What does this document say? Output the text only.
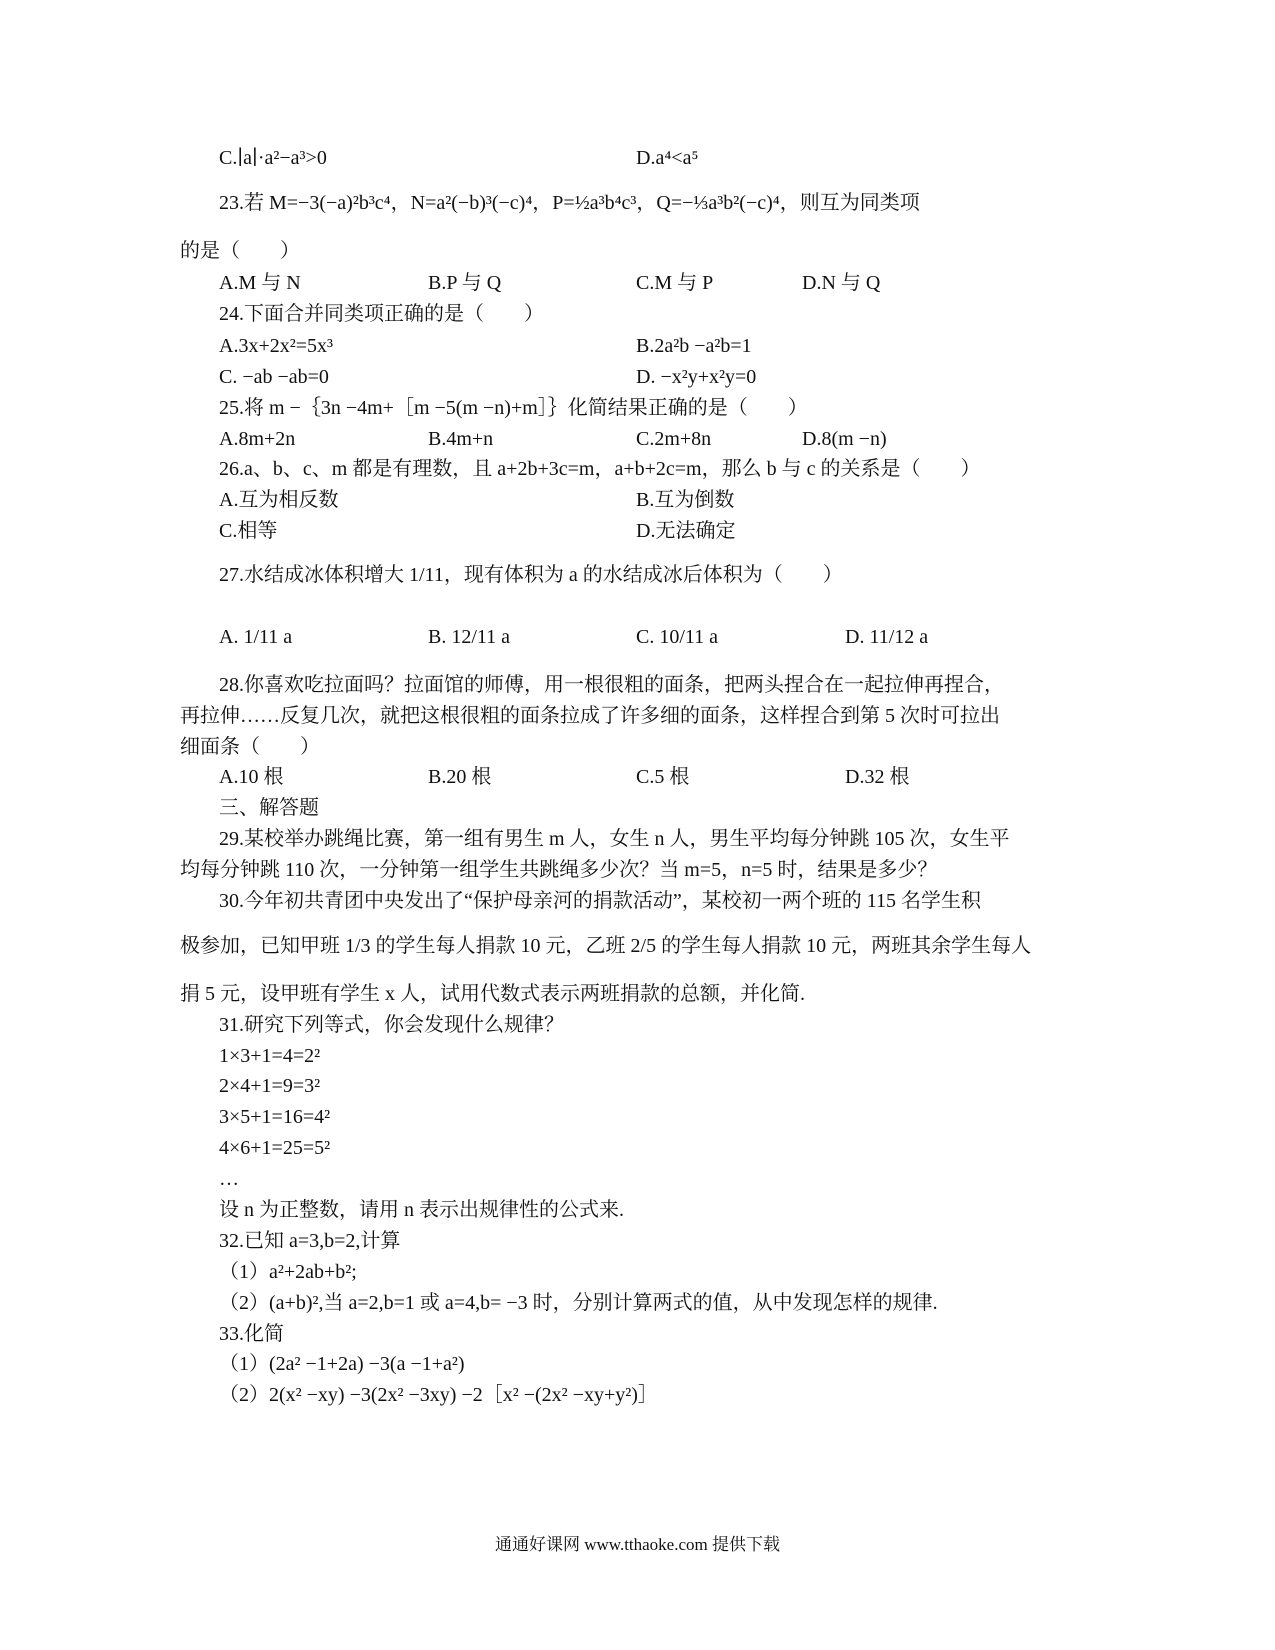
C.∣a∣·a²−a³>0	D.a⁴<a⁵
23.若 M=−3(−a)²b³c⁴，N=a²(−b)³(−c)⁴，P=½a³b⁴c³，Q=−⅓a³b²(−c)⁴，则互为同类项
的是（　　）
A.M 与 N	B.P 与 Q	C.M 与 P	D.N 与 Q
24.下面合并同类项正确的是（　　）
A.3x+2x²=5x³	B.2a²b −a²b=1
C. −ab −ab=0	D. −x²y+x²y=0
25.将 m −｛3n −4m+［m −5(m −n)+m］｝化简结果正确的是（　　）
A.8m+2n	B.4m+n	C.2m+8n	D.8(m −n)
26.a、b、c、m 都是有理数，且 a+2b+3c=m，a+b+2c=m，那么 b 与 c 的关系是（　　）
A.互为相反数	B.互为倒数
C.相等	D.无法确定
27.水结成冰体积增大 1/11，现有体积为 a 的水结成冰后体积为（　　）
A. 1/11 a	B. 12/11 a	C. 10/11 a	D. 11/12 a
28.你喜欢吃拉面吗？拉面馆的师傅，用一根很粗的面条，把两头捏合在一起拉伸再捏合，
再拉伸……反复几次，就把这根很粗的面条拉成了许多细的面条，这样捏合到第 5 次时可拉出
细面条（　　）
A.10 根	B.20 根	C.5 根	D.32 根
三、解答题
29.某校举办跳绳比赛，第一组有男生 m 人，女生 n 人，男生平均每分钟跳 105 次，女生平
均每分钟跳 110 次，一分钟第一组学生共跳绳多少次？当 m=5，n=5 时，结果是多少？
30.今年初共青团中央发出了“保护母亲河的捐款活动”，某校初一两个班的 115 名学生积
极参加，已知甲班 1/3 的学生每人捐款 10 元，乙班 2/5 的学生每人捐款 10 元，两班其余学生每人
捐 5 元，设甲班有学生 x 人，试用代数式表示两班捐款的总额，并化简.
31.研究下列等式，你会发现什么规律？
1×3+1=4=2²
2×4+1=9=3²
3×5+1=16=4²
4×6+1=25=5²
…
设 n 为正整数，请用 n 表示出规律性的公式来.
32.已知 a=3,b=2,计算
（1）a²+2ab+b²;
（2）(a+b)²,当 a=2,b=1 或 a=4,b= −3 时，分别计算两式的值，从中发现怎样的规律.
33.化简
（1）(2a² −1+2a) −3(a −1+a²)
（2）2(x² −xy) −3(2x² −3xy) −2［x² −(2x² −xy+y²)］
通通好课网 www.tthaoke.com 提供下载
